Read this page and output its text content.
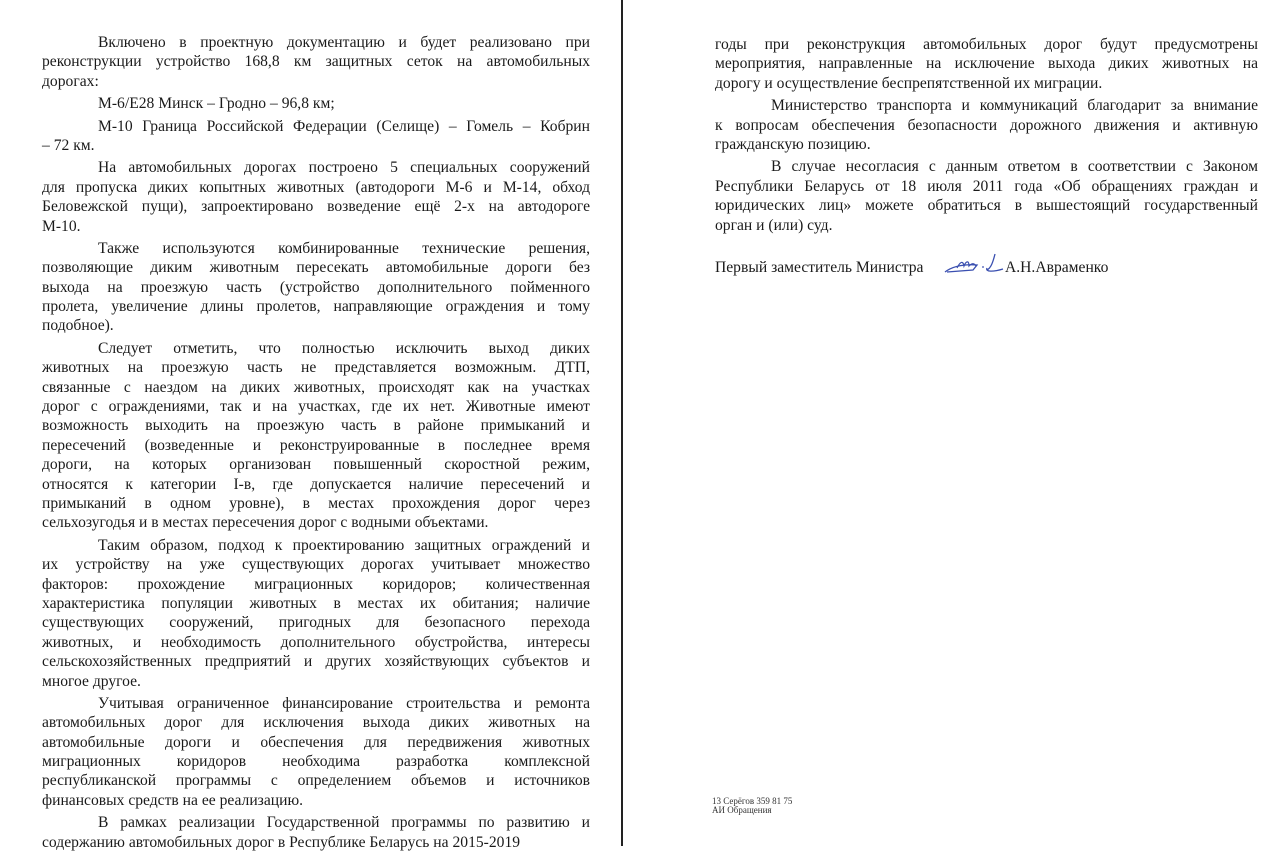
Включено в проектную документацию и будет реализовано при
реконструкции устройство 168,8 км защитных сеток на автомобильных
дорогах:
М-6/Е28 Минск – Гродно – 96,8 км;
М-10 Граница Российской Федерации (Селище) – Гомель – Кобрин
– 72 км.
На автомобильных дорогах построено 5 специальных сооружений
для пропуска диких копытных животных (автодороги М-6 и М-14, обход
Беловежской пущи), запроектировано возведение ещё 2-х на автодороге
М-10.
Также используются комбинированные технические решения,
позволяющие диким животным пересекать автомобильные дороги без
выхода на проезжую часть (устройство дополнительного пойменного
пролета, увеличение длины пролетов, направляющие ограждения и тому
подобное).
Следует отметить, что полностью исключить выход диких
животных на проезжую часть не представляется возможным. ДТП,
связанные с наездом на диких животных, происходят как на участках
дорог с ограждениями, так и на участках, где их нет. Животные имеют
возможность выходить на проезжую часть в районе примыканий и
пересечений (возведенные и реконструированные в последнее время
дороги, на которых организован повышенный скоростной режим,
относятся к категории I-в, где допускается наличие пересечений и
примыканий в одном уровне), в местах прохождения дорог через
сельхозугодья и в местах пересечения дорог с водными объектами.
Таким образом, подход к проектированию защитных ограждений и
их устройству на уже существующих дорогах учитывает множество
факторов: прохождение миграционных коридоров; количественная
характеристика популяции животных в местах их обитания; наличие
существующих сооружений, пригодных для безопасного перехода
животных, и необходимость дополнительного обустройства, интересы
сельскохозяйственных предприятий и других хозяйствующих субъектов и
многое другое.
Учитывая ограниченное финансирование строительства и ремонта
автомобильных дорог для исключения выхода диких животных на
автомобильные дороги и обеспечения для передвижения животных
миграционных коридоров необходима разработка комплексной
республиканской программы с определением объемов и источников
финансовых средств на ее реализацию.
В рамках реализации Государственной программы по развитию и
содержанию автомобильных дорог в Республике Беларусь на 2015-2019
годы при реконструкция автомобильных дорог будут предусмотрены
мероприятия, направленные на исключение выхода диких животных на
дорогу и осуществление беспрепятственной их миграции.
Министерство транспорта и коммуникаций благодарит за внимание
к вопросам обеспечения безопасности дорожного движения и активную
гражданскую позицию.
В случае несогласия с данным ответом в соответствии с Законом
Республики Беларусь от 18 июля 2011 года «Об обращениях граждан и
юридических лиц» можете обратиться в вышестоящий государственный
орган и (или) суд.
Первый заместитель Министра	А.Н.Авраменко
13 Серёгов 359 81 75
АИ Обращения
